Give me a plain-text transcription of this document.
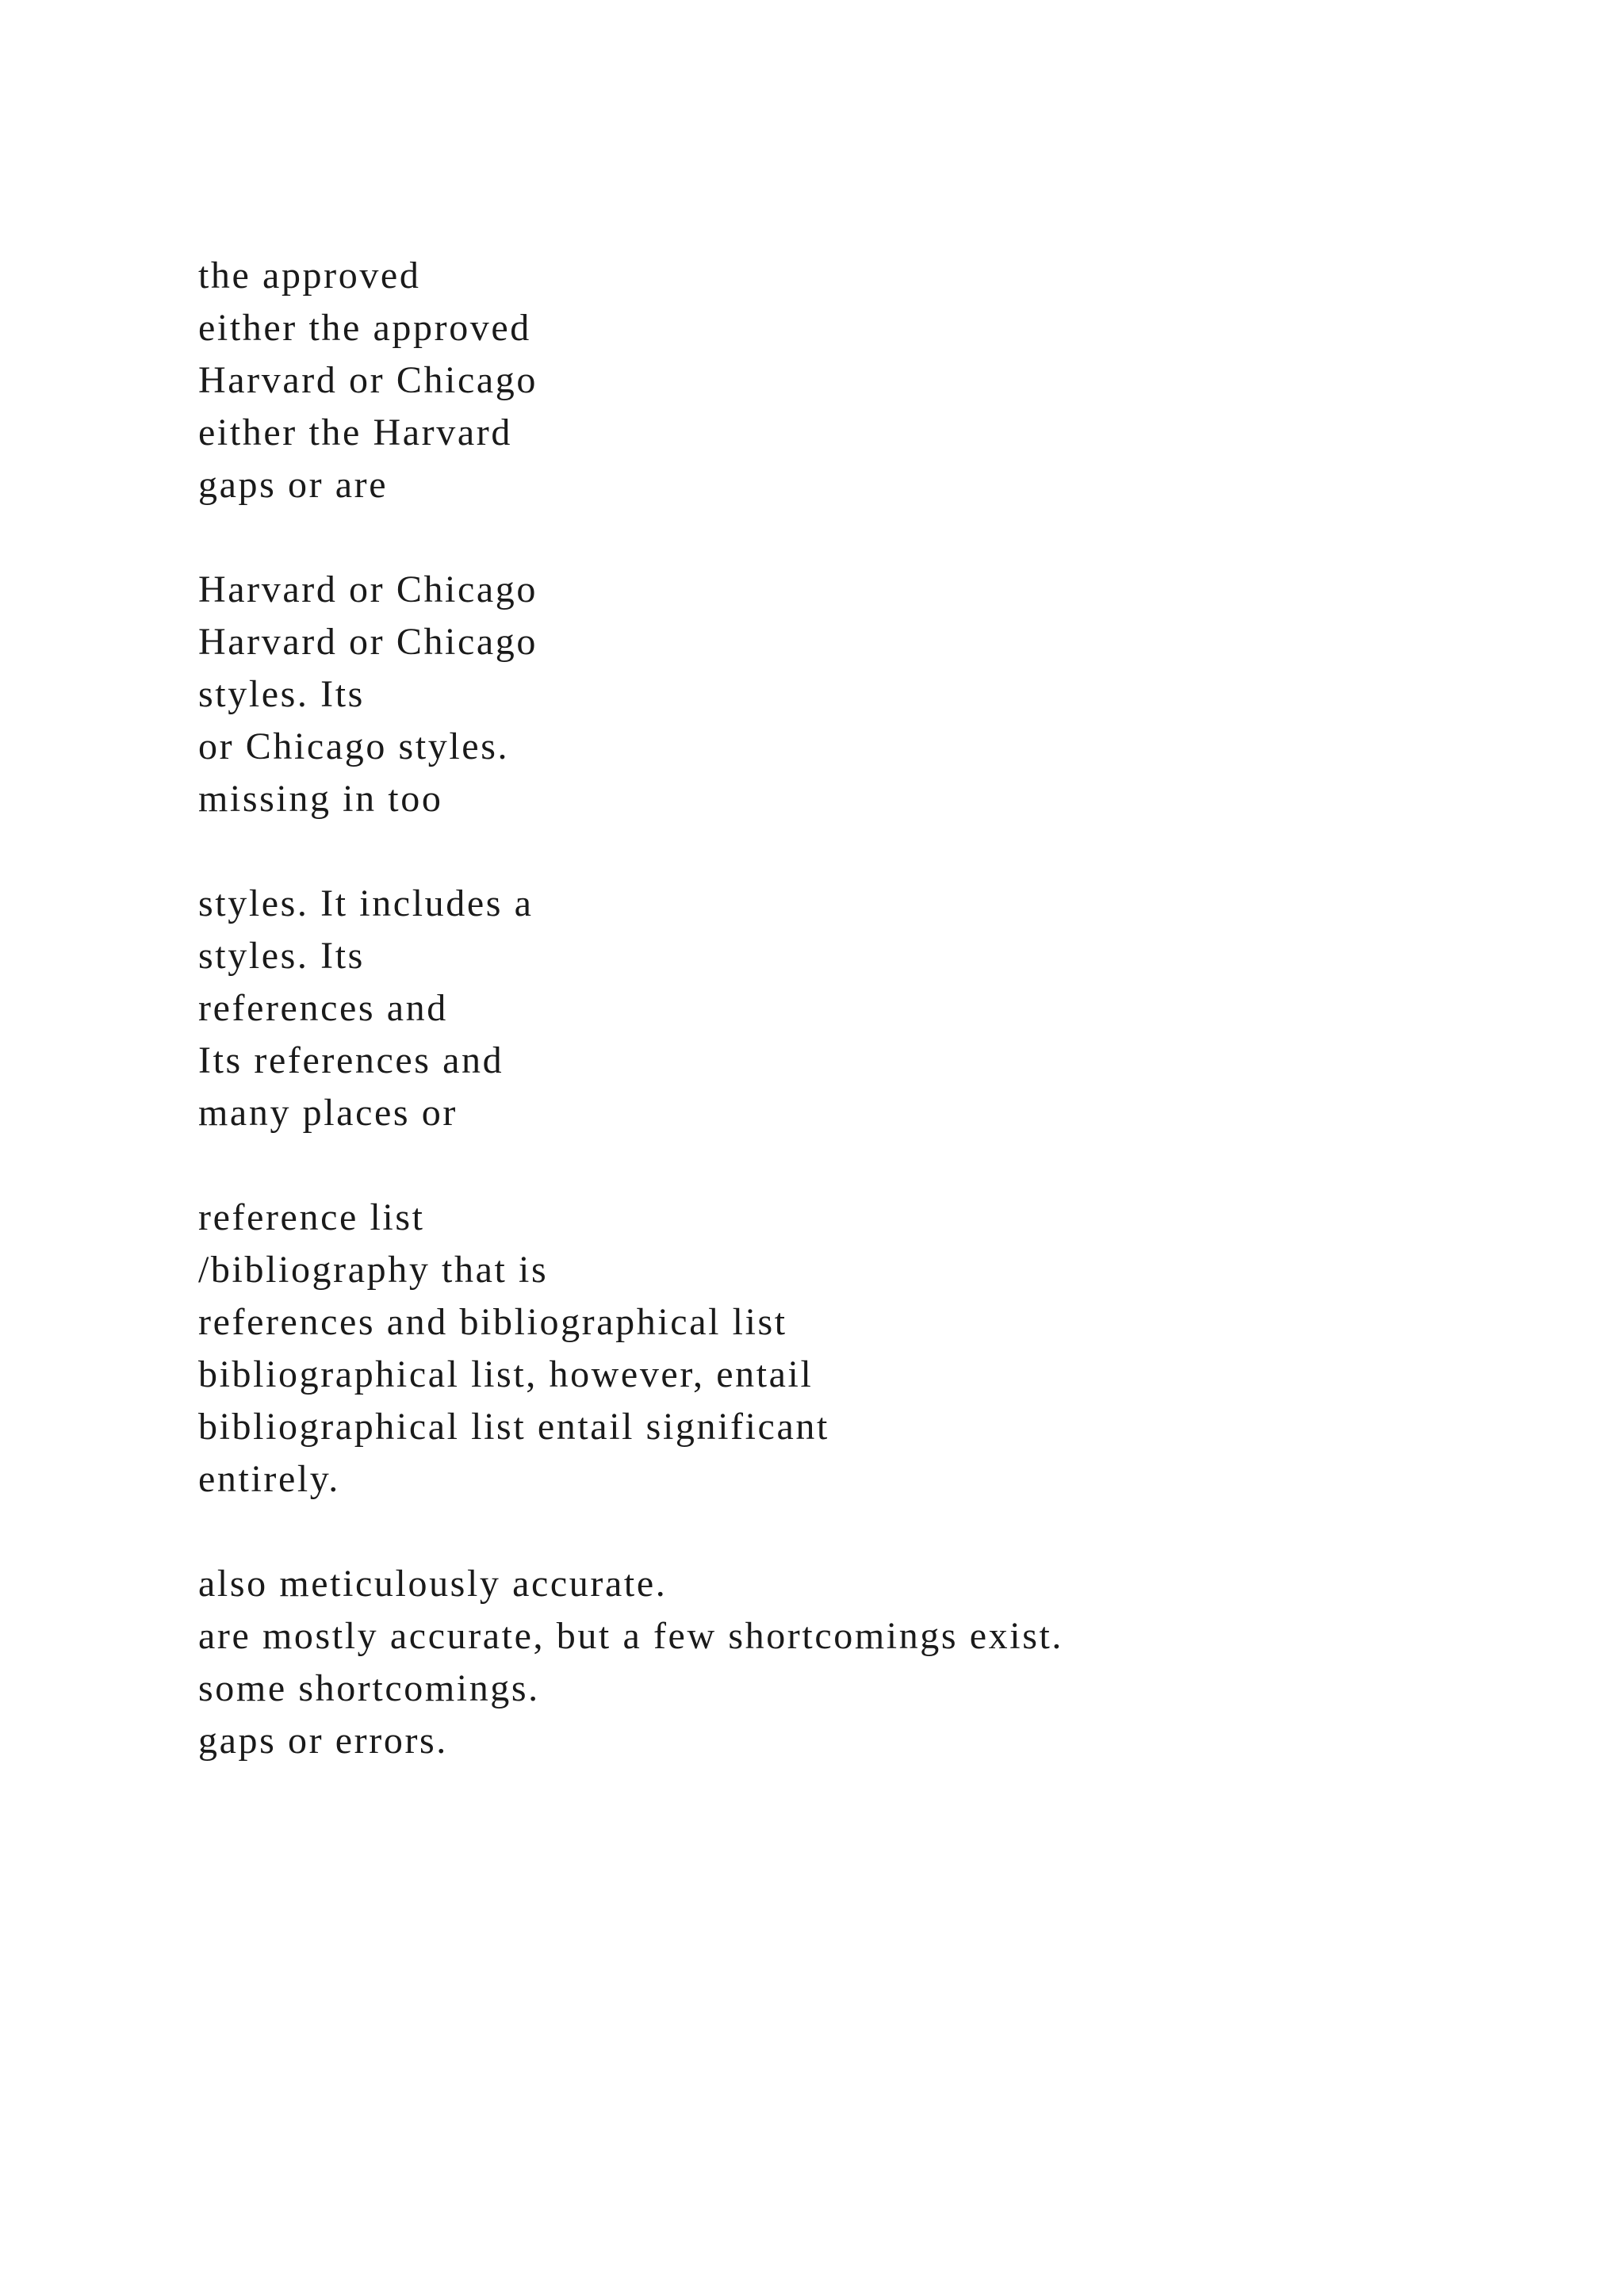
the approved
either the approved
Harvard or Chicago
either the Harvard
gaps or are
Harvard or Chicago
Harvard or Chicago
styles. Its
or Chicago styles.
missing in too
styles. It includes a
styles. Its
references and
Its references and
many places or
reference list
/bibliography that is
references and bibliographical list
bibliographical list, however, entail
bibliographical list entail significant
entirely.
also meticulously accurate.
are mostly accurate, but a few shortcomings exist.
some shortcomings.
gaps or errors.
